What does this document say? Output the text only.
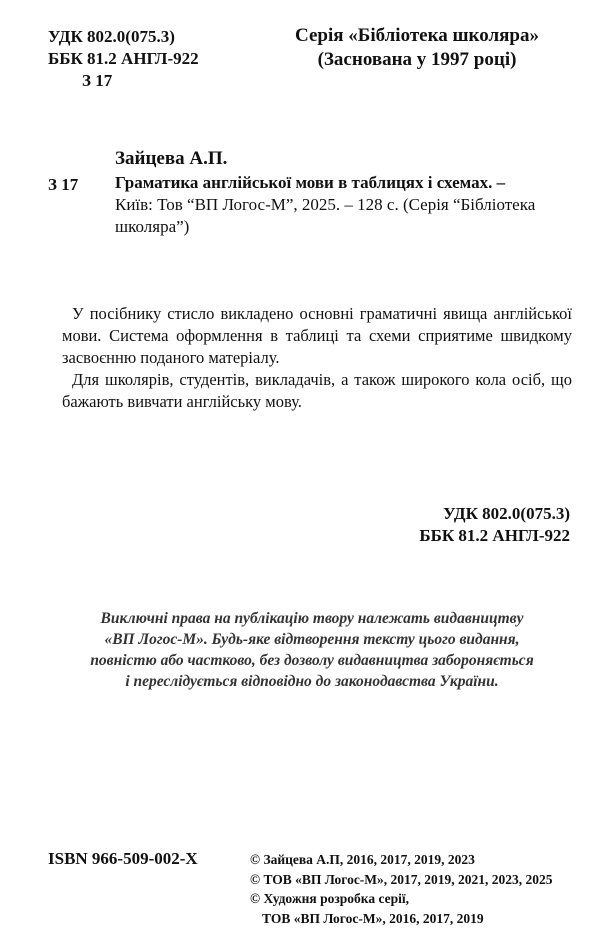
УДК 802.0(075.3)
ББК 81.2 АНГЛ-922
З 17
Серія «Бібліотека школяра»
(Заснована у 1997 році)
З 17
Зайцева А.П.
Граматика англійської мови в таблицях і схемах. –
Київ: Тов “ВП Логос-М”, 2025. – 128 с. (Серія “Бібліотека
школяра”)

У посібнику стисло викладено основні граматичні явища англійської мови. Система оформлення в таблиці та схеми сприятиме швидкому засвоєнню поданого матеріалу.

Для школярів, студентів, викладачів, а також широкого кола осіб, що бажають вивчати англійську мову.

УДК 802.0(075.3)
ББК 81.2 АНГЛ-922
Виключні права на публікацію твору належать видавництву
«ВП Логос-М». Будь-яке відтворення тексту цього видання,
повністю або частково, без дозволу видавництва забороняється
і переслідується відповідно до законодавства України.
ISBN 966-509-002-X	© Зайцева А.П, 2016, 2017, 2019, 2023
© ТОВ «ВП Логос-М», 2017, 2019, 2021, 2023, 2025
© Художня розробка серії,
ТОВ «ВП Логос-М», 2016, 2017, 2019
